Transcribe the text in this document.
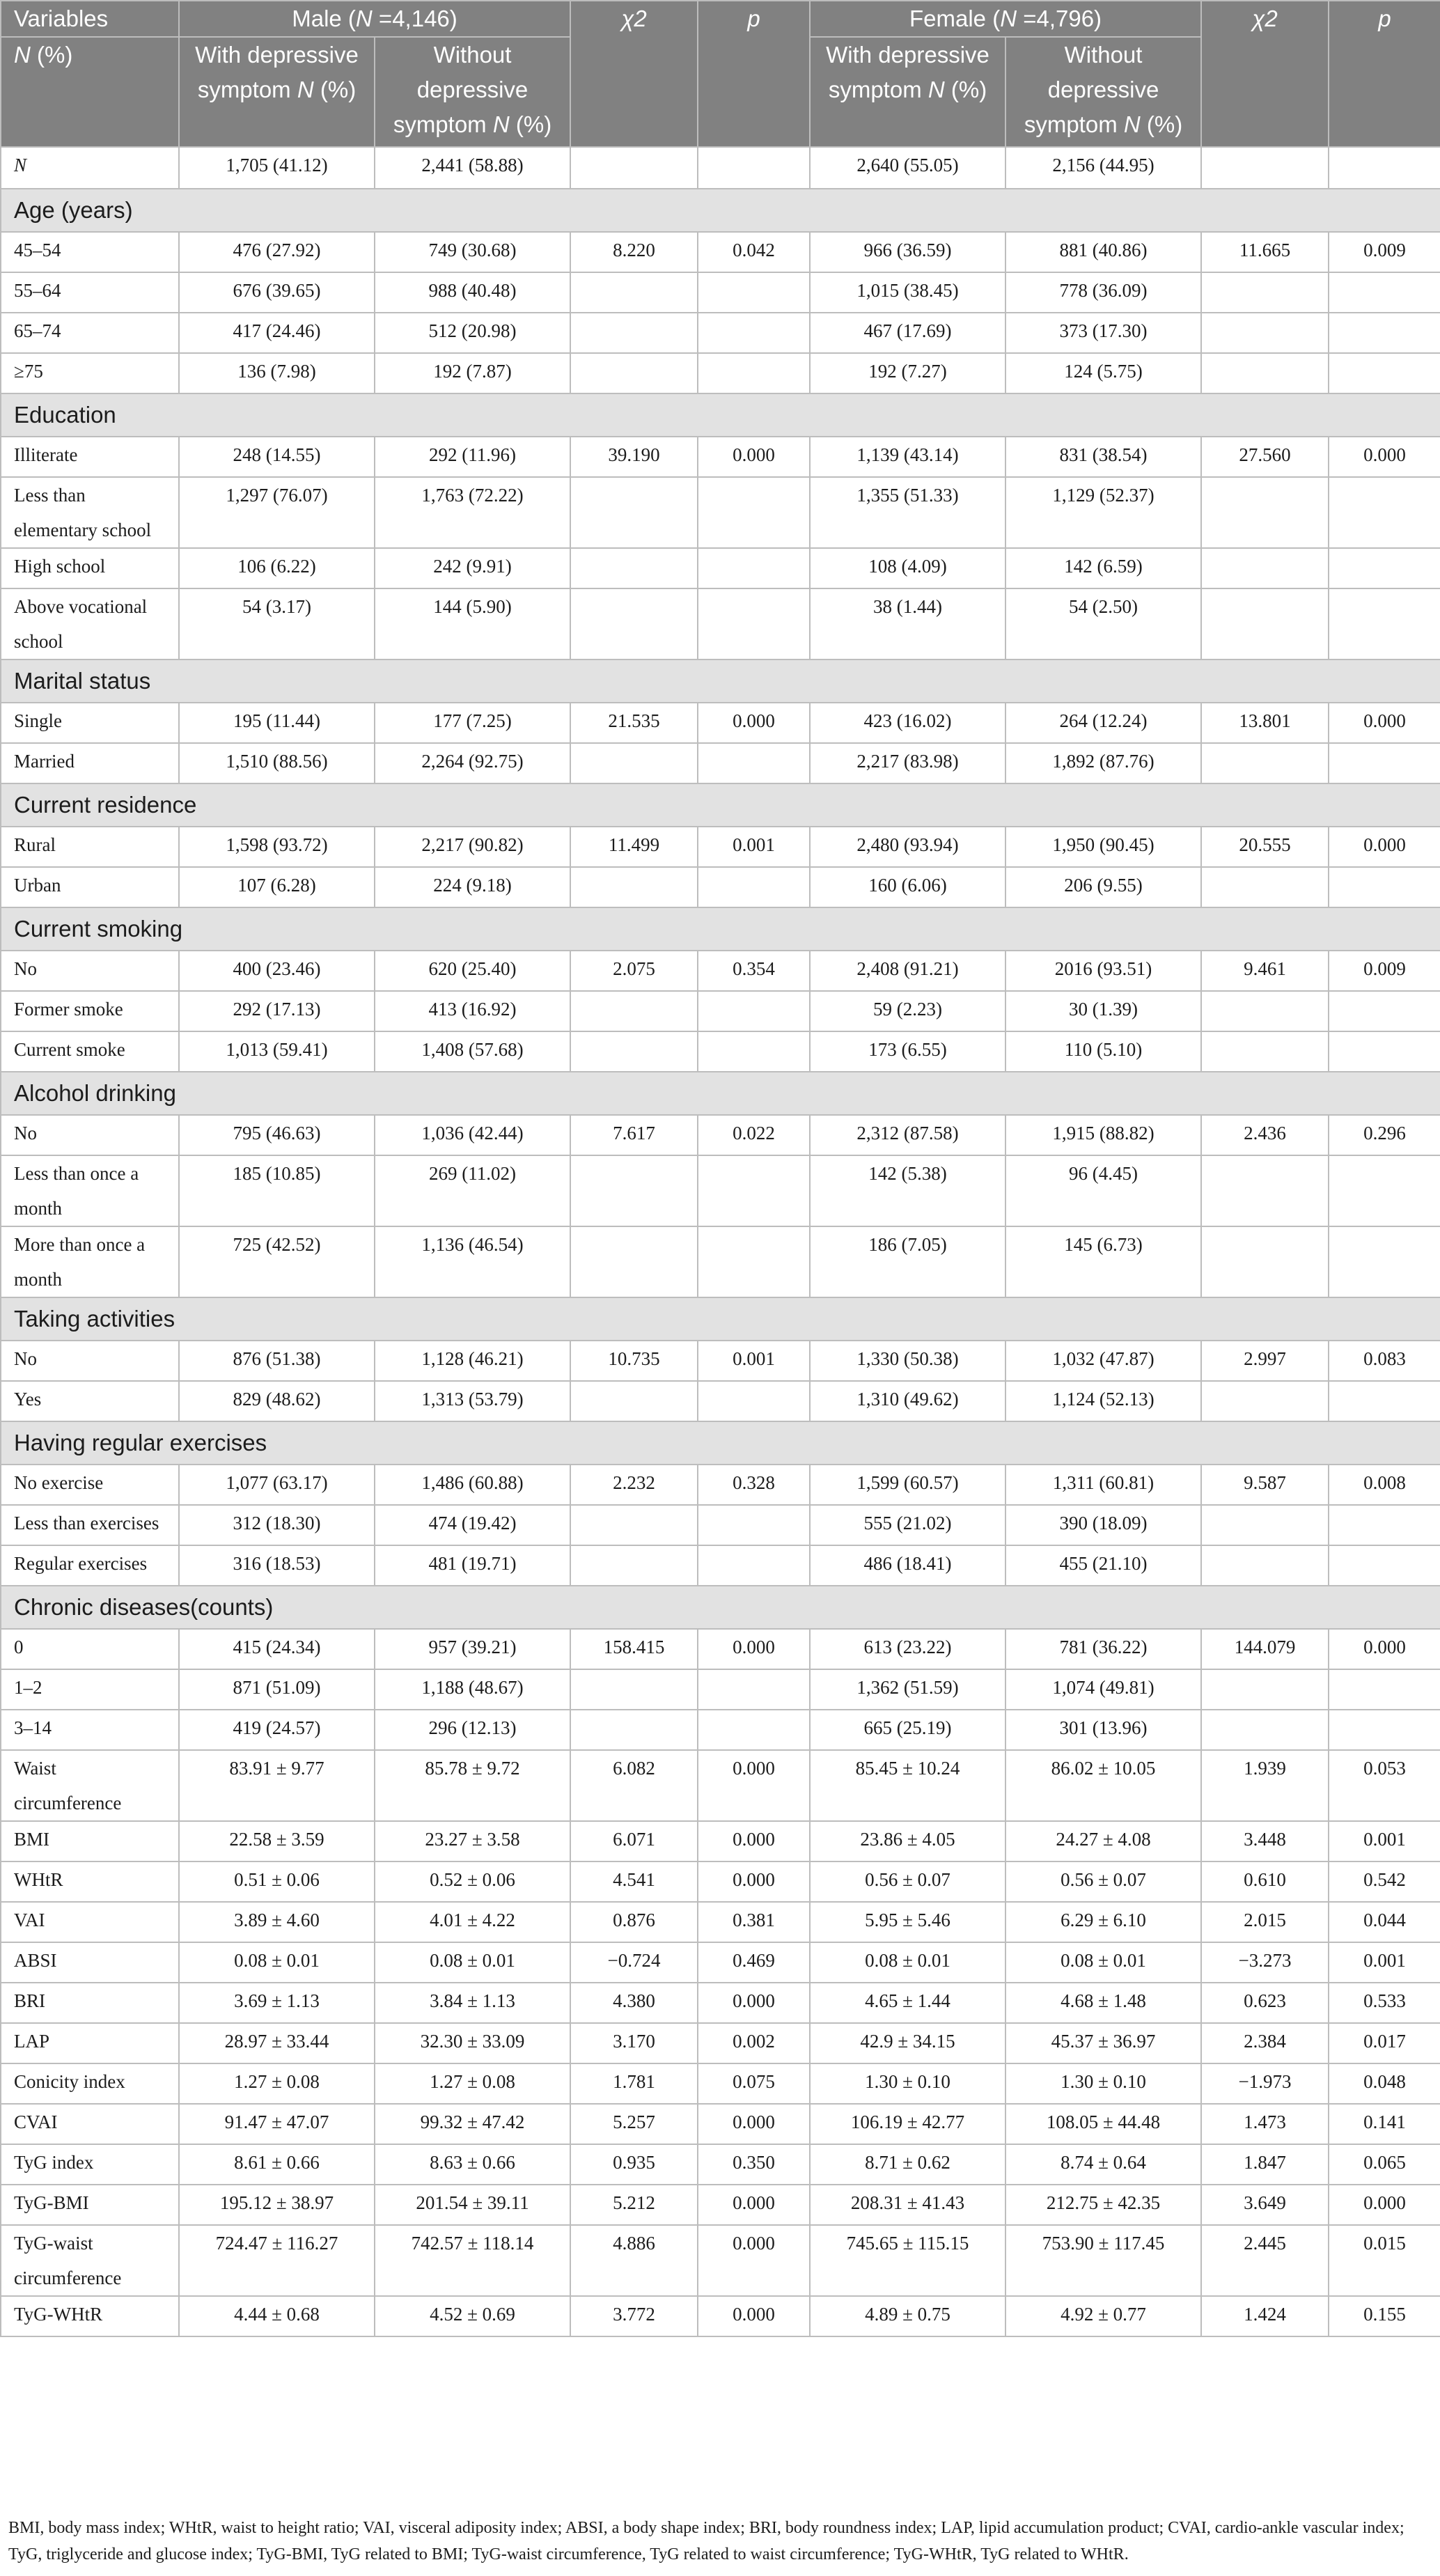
Variables	Male (N =4,146)		χ2	p	Female (N =4,796)		χ2	p
N (%)	With depressive symptom N (%)	Without depressive symptom N (%)			With depressive symptom N (%)	Without depressive symptom N (%)		
N	1,705 (41.12)	2,441 (58.88)			2,640 (55.05)	2,156 (44.95)		
Age (years)								
45–54	476 (27.92)	749 (30.68)	8.220	0.042	966 (36.59)	881 (40.86)	11.665	0.009
55–64	676 (39.65)	988 (40.48)			1,015 (38.45)	778 (36.09)		
65–74	417 (24.46)	512 (20.98)			467 (17.69)	373 (17.30)		
≥75	136 (7.98)	192 (7.87)			192 (7.27)	124 (5.75)		
Education								
Illiterate	248 (14.55)	292 (11.96)	39.190	0.000	1,139 (43.14)	831 (38.54)	27.560	0.000
Less than elementary school	1,297 (76.07)	1,763 (72.22)			1,355 (51.33)	1,129 (52.37)		
High school	106 (6.22)	242 (9.91)			108 (4.09)	142 (6.59)		
Above vocational school	54 (3.17)	144 (5.90)			38 (1.44)	54 (2.50)		
Marital status								
Single	195 (11.44)	177 (7.25)	21.535	0.000	423 (16.02)	264 (12.24)	13.801	0.000
Married	1,510 (88.56)	2,264 (92.75)			2,217 (83.98)	1,892 (87.76)		
Current residence								
Rural	1,598 (93.72)	2,217 (90.82)	11.499	0.001	2,480 (93.94)	1,950 (90.45)	20.555	0.000
Urban	107 (6.28)	224 (9.18)			160 (6.06)	206 (9.55)		
Current smoking								
No	400 (23.46)	620 (25.40)	2.075	0.354	2,408 (91.21)	2016 (93.51)	9.461	0.009
Former smoke	292 (17.13)	413 (16.92)			59 (2.23)	30 (1.39)		
Current smoke	1,013 (59.41)	1,408 (57.68)			173 (6.55)	110 (5.10)		
Alcohol drinking								
No	795 (46.63)	1,036 (42.44)	7.617	0.022	2,312 (87.58)	1,915 (88.82)	2.436	0.296
Less than once a month	185 (10.85)	269 (11.02)			142 (5.38)	96 (4.45)		
More than once a month	725 (42.52)	1,136 (46.54)			186 (7.05)	145 (6.73)		
Taking activities								
No	876 (51.38)	1,128 (46.21)	10.735	0.001	1,330 (50.38)	1,032 (47.87)	2.997	0.083
Yes	829 (48.62)	1,313 (53.79)			1,310 (49.62)	1,124 (52.13)		
Having regular exercises								
No exercise	1,077 (63.17)	1,486 (60.88)	2.232	0.328	1,599 (60.57)	1,311 (60.81)	9.587	0.008
Less than exercises	312 (18.30)	474 (19.42)			555 (21.02)	390 (18.09)		
Regular exercises	316 (18.53)	481 (19.71)			486 (18.41)	455 (21.10)		
Chronic diseases(counts)								
0	415 (24.34)	957 (39.21)	158.415	0.000	613 (23.22)	781 (36.22)	144.079	0.000
1–2	871 (51.09)	1,188 (48.67)			1,362 (51.59)	1,074 (49.81)		
3–14	419 (24.57)	296 (12.13)			665 (25.19)	301 (13.96)		
Waist circumference	83.91 ± 9.77	85.78 ± 9.72	6.082	0.000	85.45 ± 10.24	86.02 ± 10.05	1.939	0.053
BMI	22.58 ± 3.59	23.27 ± 3.58	6.071	0.000	23.86 ± 4.05	24.27 ± 4.08	3.448	0.001
WHtR	0.51 ± 0.06	0.52 ± 0.06	4.541	0.000	0.56 ± 0.07	0.56 ± 0.07	0.610	0.542
VAI	3.89 ± 4.60	4.01 ± 4.22	0.876	0.381	5.95 ± 5.46	6.29 ± 6.10	2.015	0.044
ABSI	0.08 ± 0.01	0.08 ± 0.01	−0.724	0.469	0.08 ± 0.01	0.08 ± 0.01	−3.273	0.001
BRI	3.69 ± 1.13	3.84 ± 1.13	4.380	0.000	4.65 ± 1.44	4.68 ± 1.48	0.623	0.533
LAP	28.97 ± 33.44	32.30 ± 33.09	3.170	0.002	42.9 ± 34.15	45.37 ± 36.97	2.384	0.017
Conicity index	1.27 ± 0.08	1.27 ± 0.08	1.781	0.075	1.30 ± 0.10	1.30 ± 0.10	−1.973	0.048
CVAI	91.47 ± 47.07	99.32 ± 47.42	5.257	0.000	106.19 ± 42.77	108.05 ± 44.48	1.473	0.141
TyG index	8.61 ± 0.66	8.63 ± 0.66	0.935	0.350	8.71 ± 0.62	8.74 ± 0.64	1.847	0.065
TyG-BMI	195.12 ± 38.97	201.54 ± 39.11	5.212	0.000	208.31 ± 41.43	212.75 ± 42.35	3.649	0.000
TyG-waist circumference	724.47 ± 116.27	742.57 ± 118.14	4.886	0.000	745.65 ± 115.15	753.90 ± 117.45	2.445	0.015
TyG-WHtR	4.44 ± 0.68	4.52 ± 0.69	3.772	0.000	4.89 ± 0.75	4.92 ± 0.77	1.424	0.155
BMI, body mass index; WHtR, waist to height ratio; VAI, visceral adiposity index; ABSI, a body shape index; BRI, body roundness index; LAP, lipid accumulation product; CVAI, cardio-ankle vascular index; TyG, triglyceride and glucose index; TyG-BMI, TyG related to BMI; TyG-waist circumference, TyG related to waist circumference; TyG-WHtR, TyG related to WHtR.
